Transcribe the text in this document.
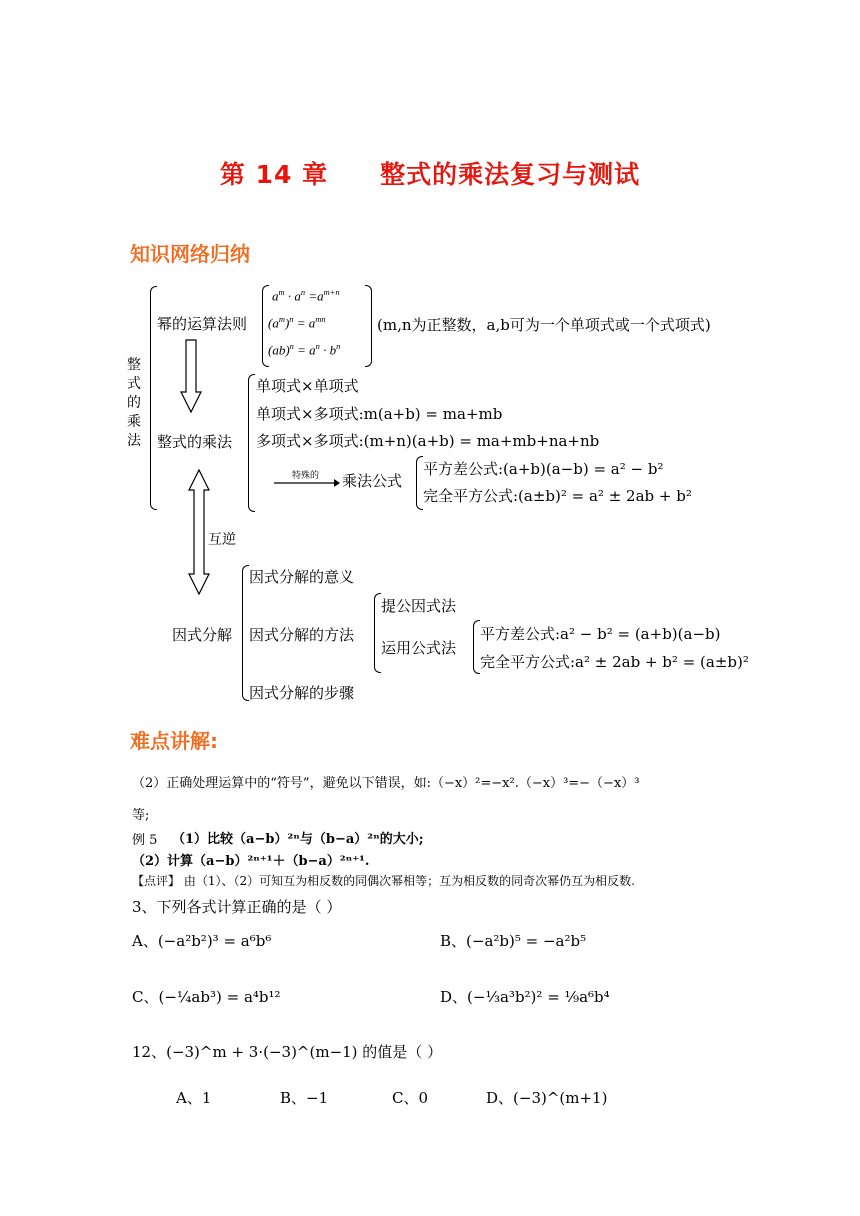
第 14 章 整式的乘法复习与测试
知识网络归纳
整
式
的
乘
法
幂的运算法则
$a^m \cdot a^n =a^{m+n}$
$(a^m)^n = a^{mn}$
$(ab)^n = a^n \cdot b^n$
(m,n为正整数，a,b可为一个单项式或一个式项式)
整式的乘法
单项式×单项式
单项式×多项式:m(a+b) = ma+mb
多项式×多项式:(m+n)(a+b) = ma+mb+na+nb
特殊的 乘法公式
平方差公式:(a+b)(a−b) = a² − b²
完全平方公式:(a±b)² = a² ± 2ab + b²
互逆
因式分解
因式分解的意义
因式分解的方法
因式分解的步骤
提公因式法
运用公式法
平方差公式:a² − b² = (a+b)(a−b)
完全平方公式:a² ± 2ab + b² = (a±b)²
难点讲解:
（2）正确处理运算中的“符号”，避免以下错误，如:（−x）²=−x².（−x）³=−（−x）³
等;
例 5 （1）比较（a−b）²ⁿ与（b−a）²ⁿ的大小;
（2）计算（a−b）²ⁿ⁺¹＋（b−a）²ⁿ⁺¹.
【点评】 由（1）、（2）可知互为相反数的同偶次幂相等；互为相反数的同奇次幂仍互为相反数.
3、下列各式计算正确的是（ ）
A、(−a²b²)³ = a⁶b⁶	B、(−a²b)⁵ = −a²b⁵
C、(−¼ab³) = a⁴b¹²	D、(−⅓a³b²)² = ⅑a⁶b⁴
12、(−3)^m + 3·(−3)^(m−1) 的值是（ ）
A、1	B、−1	C、0	D、(−3)^(m+1)
